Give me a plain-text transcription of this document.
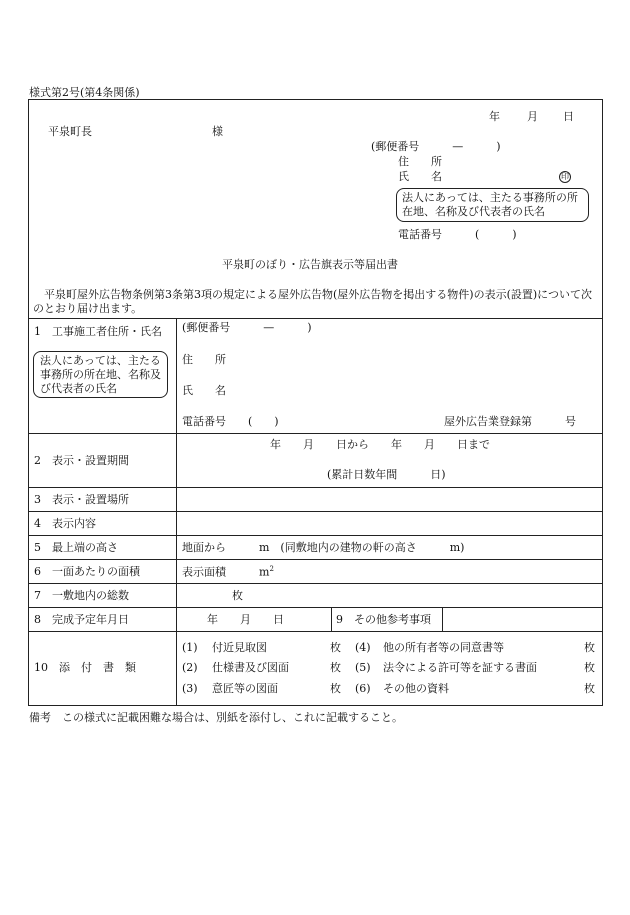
様式第2号(第4条関係)
年 月 日
平泉町長	様
(郵便番号　　　—　　　)
住　　所
氏　　名	印
法人にあっては、主たる事務所の所在地、名称及び代表者の氏名
電話番号　　　(　　　)
平泉町のぼり・広告旗表示等届出書
平泉町屋外広告物条例第3条第3項の規定による屋外広告物(屋外広告物を掲出する物件)の表示(設置)について次のとおり届け出ます。
1　工事施工者住所・氏名
法人にあっては、主たる事務所の所在地、名称及び代表者の氏名
(郵便番号　　　—　　　)
住　　所
氏　　名
電話番号　　(　　)	屋外広告業登録第　　　号
2　表示・設置期間
年　　月　　日から　　年　　月　　日まで
(累計日数年間　　　日)
3　表示・設置場所
4　表示内容
5　最上端の高さ	地面から　　　m　(同敷地内の建物の軒の高さ　　　m)
6　一面あたりの面積	表示面積　　　$m^2$
7　一敷地内の総数	枚
8　完成予定年月日	年　　月　　日	9　その他参考事項
10　添　付　書　類
(1) 付近見取図	枚
(2) 仕様書及び図面	枚
(3) 意匠等の図面	枚
(4) 他の所有者等の同意書等	枚
(5) 法令による許可等を証する書面	枚
(6) その他の資料	枚
備考　この様式に記載困難な場合は、別紙を添付し、これに記載すること。
